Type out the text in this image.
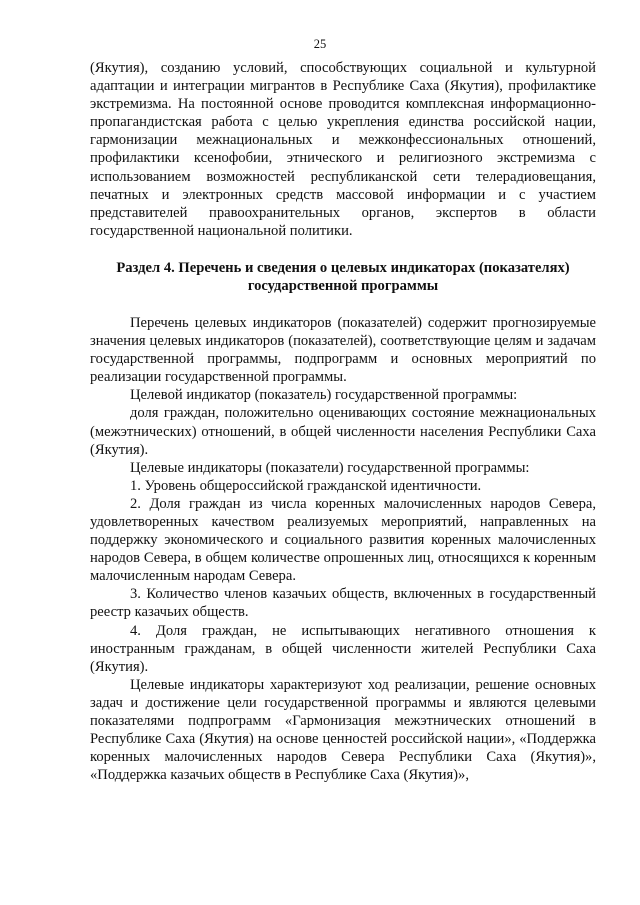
25

(Якутия), созданию условий, способствующих социальной и культурной адаптации и интеграции мигрантов в Республике Саха (Якутия), профилактике экстремизма. На постоянной основе проводится комплексная информационно-пропагандистская работа с целью укрепления единства российской нации, гармонизации межнациональных и межконфессиональных отношений, профилактики ксенофобии, этнического и религиозного экстремизма с использованием возможностей республиканской сети телерадиовещания, печатных и электронных средств массовой информации и с участием представителей правоохранительных органов, экспертов в области государственной национальной политики.

Раздел 4. Перечень и сведения о целевых индикаторах (показателях)
государственной программы

Перечень целевых индикаторов (показателей) содержит прогнозируемые значения целевых индикаторов (показателей), соответствующие целям и задачам государственной программы, подпрограмм и основных мероприятий по реализации государственной программы.

Целевой индикатор (показатель) государственной программы:

доля граждан, положительно оценивающих состояние межнациональных (межэтнических) отношений, в общей численности населения Республики Саха (Якутия).

Целевые индикаторы (показатели) государственной программы:

1. Уровень общероссийской гражданской идентичности.

2. Доля граждан из числа коренных малочисленных народов Севера, удовлетворенных качеством реализуемых мероприятий, направленных на поддержку экономического и социального развития коренных малочисленных народов Севера, в общем количестве опрошенных лиц, относящихся к коренным малочисленным народам Севера.

3. Количество членов казачьих обществ, включенных в государственный реестр казачьих обществ.

4. Доля граждан, не испытывающих негативного отношения к иностранным гражданам, в общей численности жителей Республики Саха (Якутия).

Целевые индикаторы характеризуют ход реализации, решение основных задач и достижение цели государственной программы и являются целевыми показателями подпрограмм «Гармонизация межэтнических отношений в Республике Саха (Якутия) на основе ценностей российской нации», «Поддержка коренных малочисленных народов Севера Республики Саха (Якутия)», «Поддержка казачьих обществ в Республике Саха (Якутия)»,
